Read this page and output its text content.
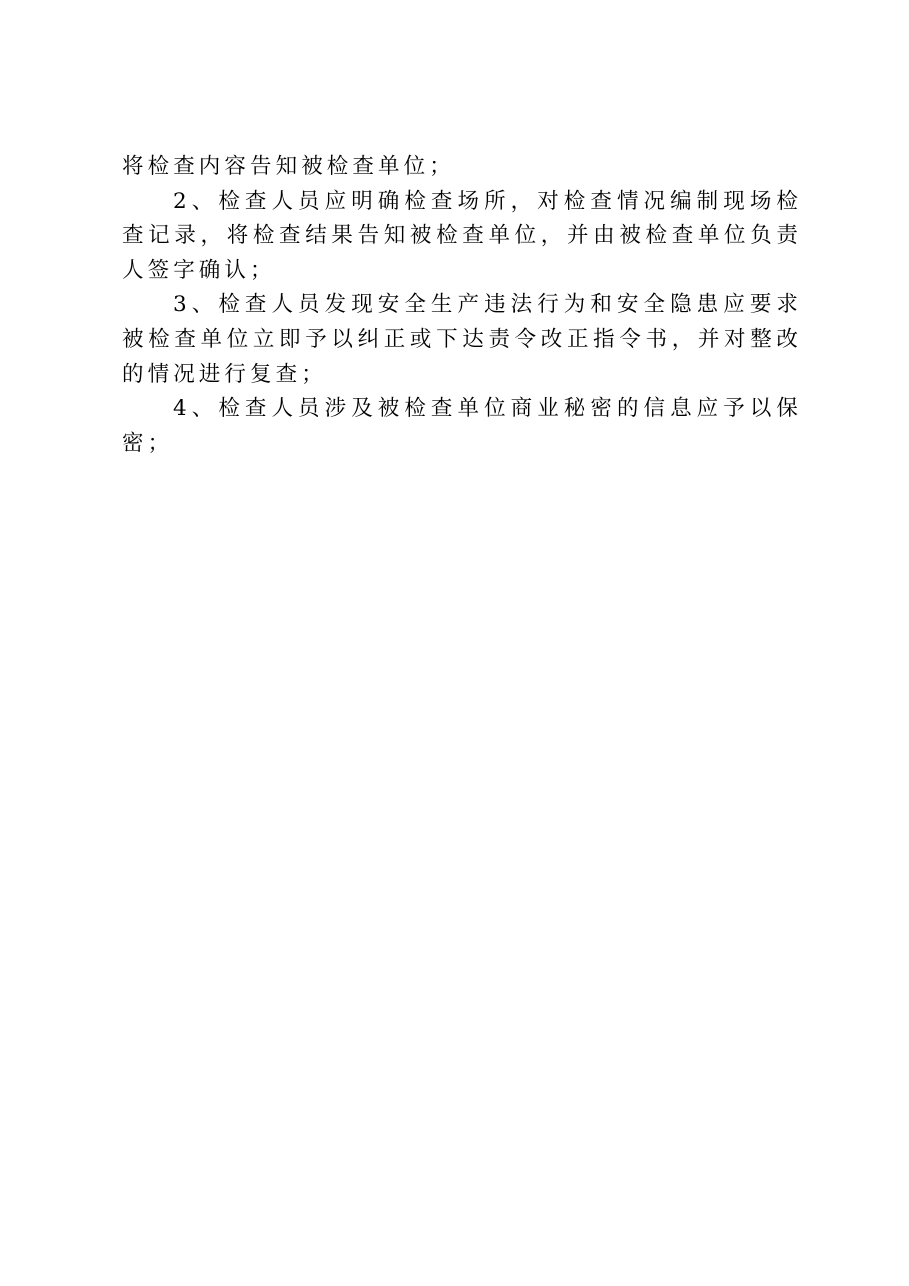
将检查内容告知被检查单位；

2、检查人员应明确检查场所，对检查情况编制现场检查记录，将检查结果告知被检查单位，并由被检查单位负责人签字确认；

3、检查人员发现安全生产违法行为和安全隐患应要求被检查单位立即予以纠正或下达责令改正指令书，并对整改的情况进行复查；

4、检查人员涉及被检查单位商业秘密的信息应予以保密；
